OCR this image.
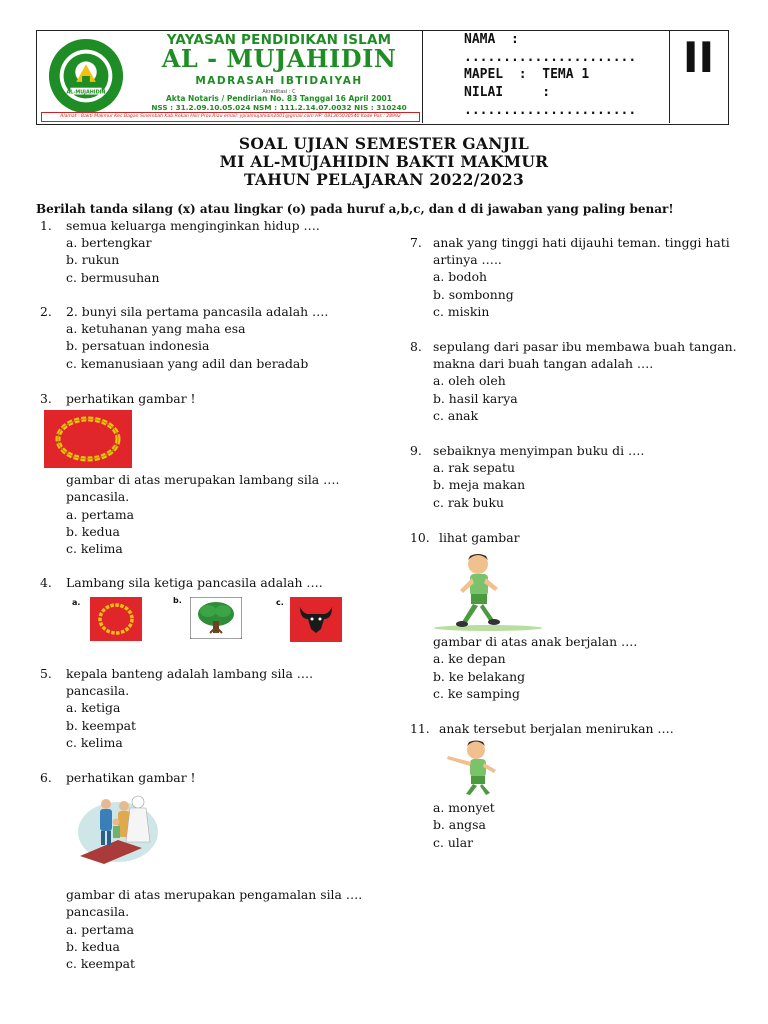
AL-MUJAHIDIN
YAYASAN PENDIDIKAN ISLAM
AL - MUJAHIDIN
MADRASAH IBTIDAIYAH
Akreditasi : C
Akta Notaris / Pendirian No. 83 Tanggal 16 April 2001
NSS : 31.2.09.10.05.024 NSM : 111.2.14.07.0032 NIS : 310240
Alamat : Bakti Makmur Kec.Bagan Sinembah Kab.Rokan Hilir Prov.Riau email: ypialmujahidin2001@gmail.com HP: 081365030540 Kode Pos : 28992
NAMA  :
......................
MAPEL  :  TEMA 1
NILAI     :
......................
II
SOAL UJIAN SEMESTER GANJIL
MI AL-MUJAHIDIN BAKTI MAKMUR
TAHUN PELAJARAN 2022/2023
Berilah tanda silang (x) atau lingkar (o) pada huruf a,b,c, dan d di jawaban yang paling benar!
1. semua keluarga menginginkan hidup ….
a. bertengkar
b. rukun
c. bermusuhan
2. 2. bunyi sila pertama pancasila adalah ….
a. ketuhanan yang maha esa
b. persatuan indonesia
c. kemanusiaan yang adil dan beradab
3. perhatikan gambar !
gambar di atas merupakan lambang sila ….
pancasila.
a. pertama
b. kedua
c. kelima
4. Lambang sila ketiga pancasila adalah ….
a.	b.	c.
5. kepala banteng adalah lambang sila ….
pancasila.
a. ketiga
b. keempat
c. kelima
6. perhatikan gambar !
gambar di atas merupakan pengamalan sila ….
pancasila.
a. pertama
b. kedua
c. keempat
7. anak yang tinggi hati dijauhi teman. tinggi hati
artinya …..
a. bodoh
b. sombonng
c. miskin
8. sepulang dari pasar ibu membawa buah tangan.
makna dari buah tangan adalah ….
a. oleh oleh
b. hasil karya
c. anak
9. sebaiknya menyimpan buku di ….
a. rak sepatu
b. meja makan
c. rak buku
10. lihat gambar
gambar di atas anak berjalan ….
a. ke depan
b. ke belakang
c. ke samping
11. anak tersebut berjalan menirukan ….
a. monyet
b. angsa
c. ular
